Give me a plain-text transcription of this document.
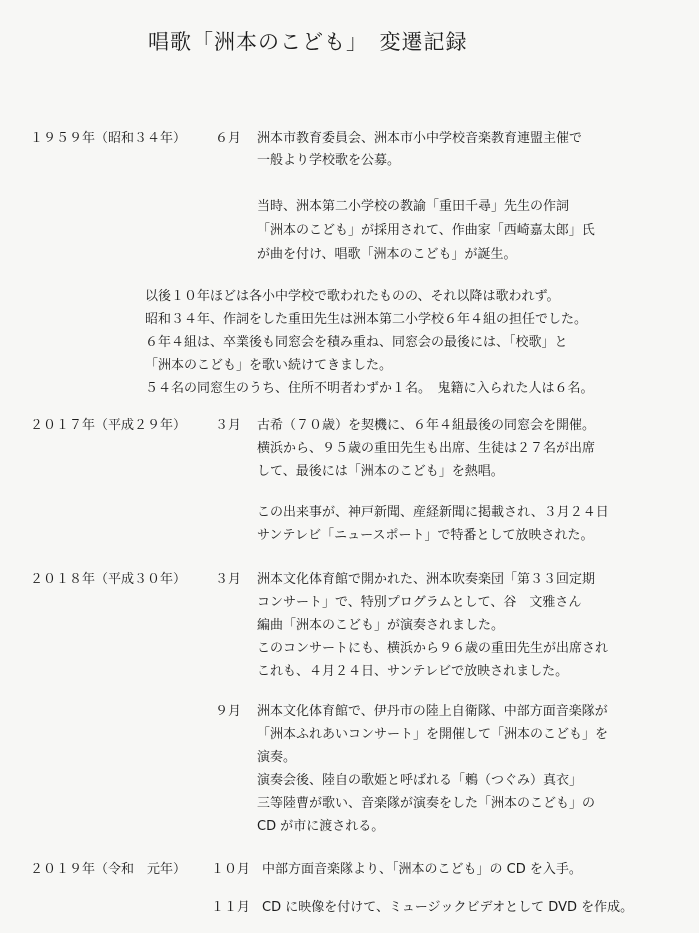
唱歌「洲本のこども」　変遷記録
１９５９年（昭和３４年）	６月 洲本市教育委員会、洲本市小中学校音楽教育連盟主催で
一般より学校歌を公募。
当時、洲本第二小学校の教諭「重田千尋」先生の作詞
「洲本のこども」が採用されて、作曲家「西崎嘉太郎」氏
が曲を付け、唱歌「洲本のこども」が誕生。
以後１０年ほどは各小中学校で歌われたものの、それ以降は歌われず。
昭和３４年、作詞をした重田先生は洲本第二小学校６年４組の担任でした。
６年４組は、卒業後も同窓会を積み重ね、同窓会の最後には、「校歌」と
「洲本のこども」を歌い続けてきました。
５４名の同窓生のうち、住所不明者わずか１名。　鬼籍に入られた人は６名。
２０１７年（平成２９年）	３月 古希（７０歳）を契機に、６年４組最後の同窓会を開催。
横浜から、９５歳の重田先生も出席、生徒は２７名が出席
して、最後には「洲本のこども」を熱唱。
この出来事が、神戸新聞、産経新聞に掲載され、３月２４日
サンテレビ「ニュースポート」で特番として放映された。
２０１８年（平成３０年）	３月 洲本文化体育館で開かれた、洲本吹奏楽団「第３３回定期
コンサート」で、特別プログラムとして、谷　文雅さん
編曲「洲本のこども」が演奏されました。
このコンサートにも、横浜から９６歳の重田先生が出席され
これも、４月２４日、サンテレビで放映されました。
９月 洲本文化体育館で、伊丹市の陸上自衛隊、中部方面音楽隊が
「洲本ふれあいコンサート」を開催して「洲本のこども」を
演奏。
演奏会後、陸自の歌姫と呼ばれる「鶫（つぐみ）真衣」
三等陸曹が歌い、音楽隊が演奏をした「洲本のこども」の
CD が市に渡される。
２０１９年（令和　元年）	１０月 中部方面音楽隊より、「洲本のこども」の CD を入手。
１１月 CD に映像を付けて、ミュージックビデオとして DVD を作成。
